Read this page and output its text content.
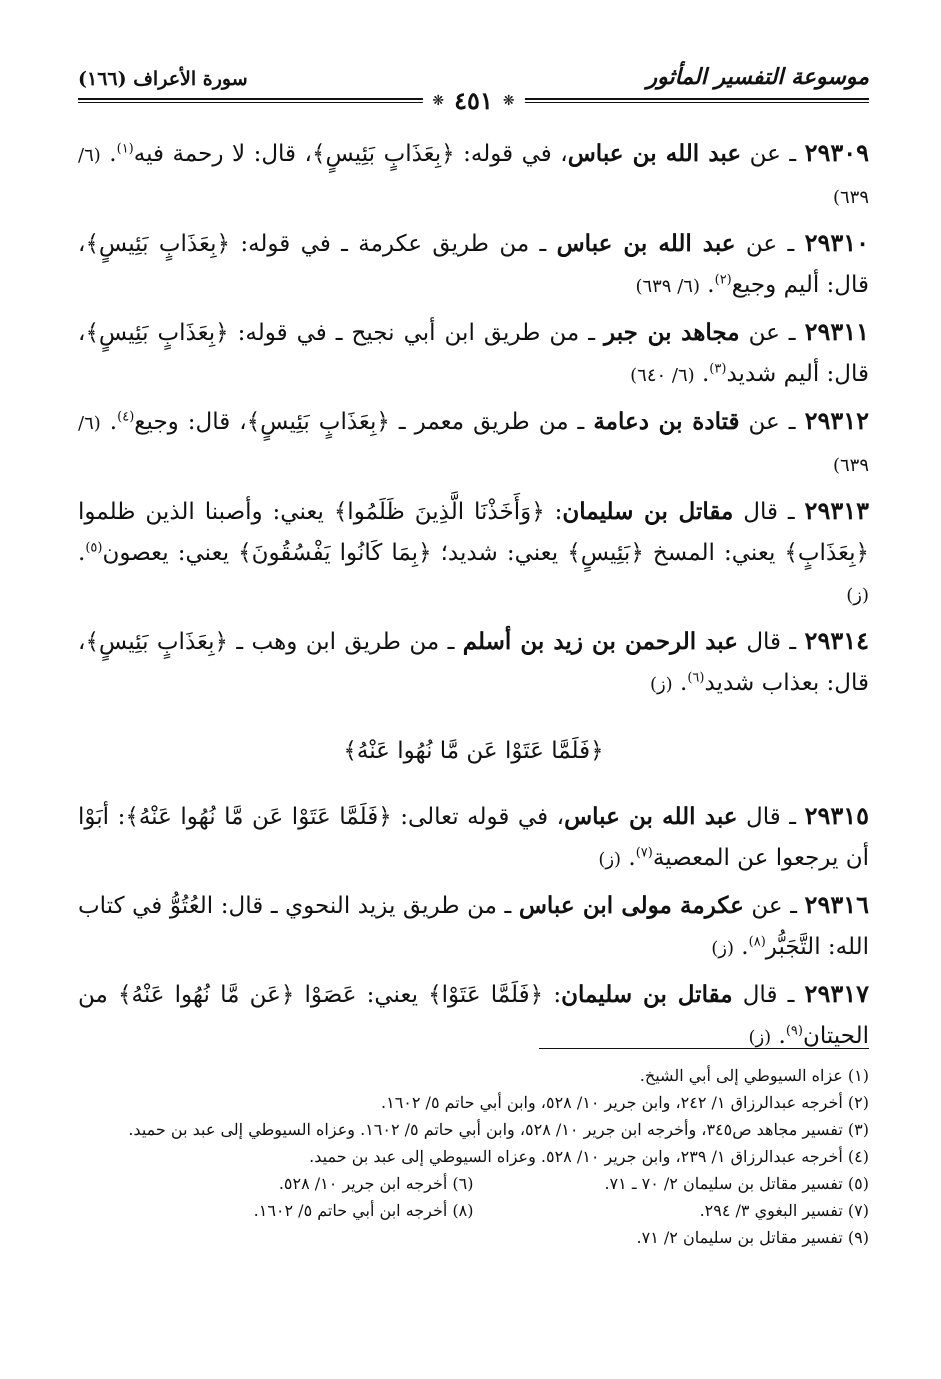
موسوعة التفسير المأثور
سورة الأعراف (١٦٦)
❋ ٤٥١ ❋

٢٩٣٠٩ ـ عن عبد الله بن عباس، في قوله: ﴿بِعَذَابٍ بَئِيسٍ﴾، قال: لا رحمة فيه$^{(١)}$. (٦/ ٦٣٩)

٢٩٣١٠ ـ عن عبد الله بن عباس ـ من طريق عكرمة ـ في قوله: ﴿بِعَذَابٍ بَئِيسٍ﴾، قال: أليم وجيع$^{(٢)}$. (٦/ ٦٣٩)

٢٩٣١١ ـ عن مجاهد بن جبر ـ من طريق ابن أبي نجيح ـ في قوله: ﴿بِعَذَابٍ بَئِيسٍ﴾، قال: أليم شديد$^{(٣)}$. (٦/ ٦٤٠)

٢٩٣١٢ ـ عن قتادة بن دعامة ـ من طريق معمر ـ ﴿بِعَذَابٍ بَئِيسٍ﴾، قال: وجيع$^{(٤)}$. (٦/ ٦٣٩)

٢٩٣١٣ ـ قال مقاتل بن سليمان: ﴿وَأَخَذْنَا الَّذِينَ ظَلَمُوا﴾ يعني: وأصبنا الذين ظلموا ﴿بِعَذَابٍ﴾ يعني: المسخ ﴿بَئِيسٍ﴾ يعني: شديد؛ ﴿بِمَا كَانُوا يَفْسُقُونَ﴾ يعني: يعصون$^{(٥)}$. (ز)

٢٩٣١٤ ـ قال عبد الرحمن بن زيد بن أسلم ـ من طريق ابن وهب ـ ﴿بِعَذَابٍ بَئِيسٍ﴾، قال: بعذاب شديد$^{(٦)}$. (ز)

﴿فَلَمَّا عَتَوْا عَن مَّا نُهُوا عَنْهُ﴾

٢٩٣١٥ ـ قال عبد الله بن عباس، في قوله تعالى: ﴿فَلَمَّا عَتَوْا عَن مَّا نُهُوا عَنْهُ﴾: أبَوْا أن يرجعوا عن المعصية$^{(٧)}$. (ز)

٢٩٣١٦ ـ عن عكرمة مولى ابن عباس ـ من طريق يزيد النحوي ـ قال: العُتُوُّ في كتاب الله: التَّجَبُّر$^{(٨)}$. (ز)

٢٩٣١٧ ـ قال مقاتل بن سليمان: ﴿فَلَمَّا عَتَوْا﴾ يعني: عَصَوْا ﴿عَن مَّا نُهُوا عَنْهُ﴾ من الحيتان$^{(٩)}$. (ز)

(١) عزاه السيوطي إلى أبي الشيخ.

(٢) أخرجه عبدالرزاق ١/ ٢٤٢، وابن جرير ١٠/ ٥٢٨، وابن أبي حاتم ٥/ ١٦٠٢.

(٣) تفسير مجاهد ص٣٤٥، وأخرجه ابن جرير ١٠/ ٥٢٨، وابن أبي حاتم ٥/ ١٦٠٢. وعزاه السيوطي إلى عبد بن حميد.

(٤) أخرجه عبدالرزاق ١/ ٢٣٩، وابن جرير ١٠/ ٥٢٨. وعزاه السيوطي إلى عبد بن حميد.

(٥) تفسير مقاتل بن سليمان ٢/ ٧٠ ـ ٧١.

(٦) أخرجه ابن جرير ١٠/ ٥٢٨.

(٧) تفسير البغوي ٣/ ٢٩٤.

(٨) أخرجه ابن أبي حاتم ٥/ ١٦٠٢.

(٩) تفسير مقاتل بن سليمان ٢/ ٧١.
